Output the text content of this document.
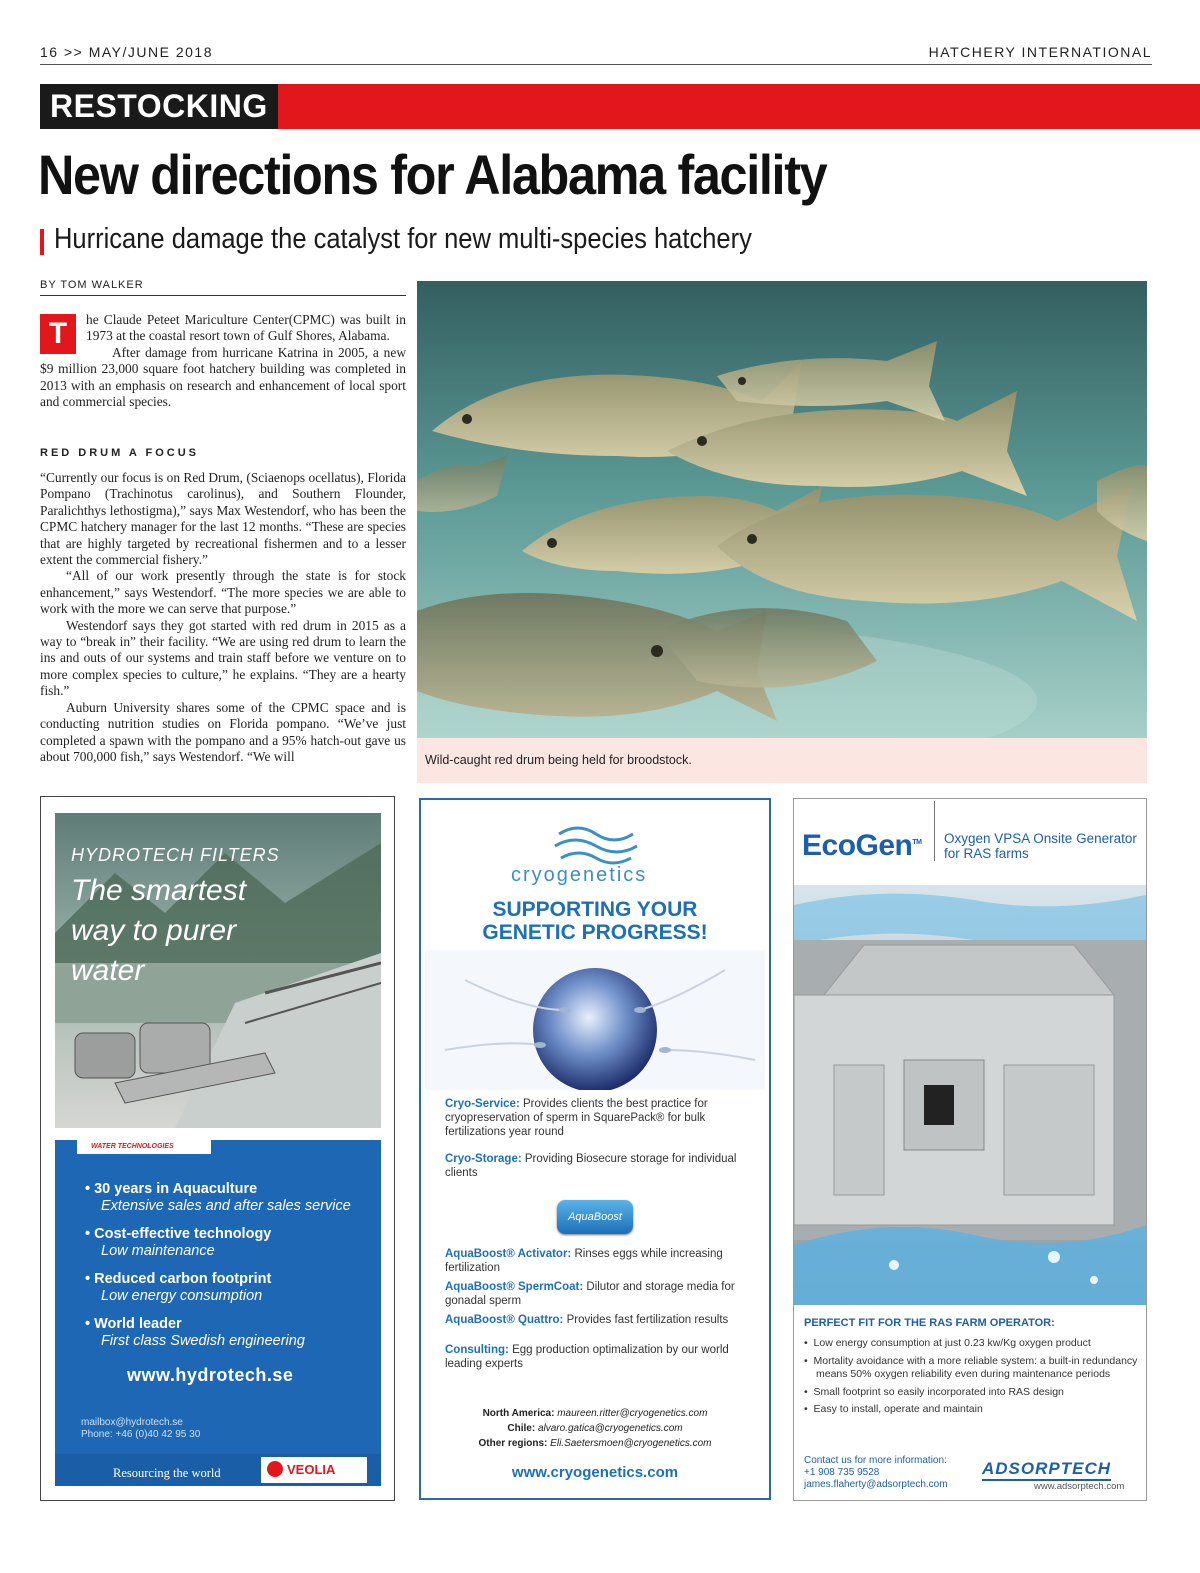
16 >> MAY/JUNE 2018	HATCHERY INTERNATIONAL
RESTOCKING
New directions for Alabama facility
Hurricane damage the catalyst for new multi-species hatchery
BY TOM WALKER

T	he Claude Peteet Mariculture Center(CPMC) was built in 1973 at the coastal resort town of Gulf Shores, Alabama.

After damage from hurricane Katrina in 2005, a new $9 million 23,000 square foot hatchery building was completed in 2013 with an emphasis on research and enhancement of local sport and commercial species.

RED DRUM A FOCUS

“Currently our focus is on Red Drum, (Sciaenops ocellatus), Florida Pompano (Trachinotus carolinus), and Southern Flounder, Paralichthys lethostigma),” says Max Westendorf, who has been the CPMC hatchery manager for the last 12 months. “These are species that are highly targeted by recreational fishermen and to a lesser extent the commercial fishery.”

“All of our work presently through the state is for stock enhancement,” says Westendorf. “The more species we are able to work with the more we can serve that purpose.”

Westendorf says they got started with red drum in 2015 as a way to “break in” their facility. “We are using red drum to learn the ins and outs of our systems and train staff before we venture on to more complex species to culture,” he explains. “They are a hearty fish.”

Auburn University shares some of the CPMC space and is conducting nutrition studies on Florida pompano. “We’ve just completed a spawn with the pompano and a 95% hatch-out gave us about 700,000 fish,” says Westendorf. “We will	Wild-caught red drum being held for broodstock.
HYDROTECH FILTERS
The smartest
way to purer
water
WATER TECHNOLOGIES
• 30 years in Aquaculture
Extensive sales and after sales service
• Cost-effective technology
Low maintenance
• Reduced carbon footprint
Low energy consumption
• World leader
First class Swedish engineering
www.hydrotech.se
mailbox@hydrotech.se
Phone: +46 (0)40 42 95 30
Resourcing the world	VEOLIA
cryogenetics
SUPPORTING YOUR
GENETIC PROGRESS!
Cryo-Service: Provides clients the best practice for cryopreservation of sperm in SquarePack® for bulk fertilizations year round
Cryo-Storage: Providing Biosecure storage for individual clients
AquaBoost
AquaBoost® Activator: Rinses eggs while increasing fertilization
AquaBoost® SpermCoat: Dilutor and storage media for gonadal sperm
AquaBoost® Quattro: Provides fast fertilization results
Consulting: Egg production optimalization by our world leading experts
North America: maureen.ritter@cryogenetics.com
Chile: alvaro.gatica@cryogenetics.com
Other regions: Eli.Saetersmoen@cryogenetics.com
www.cryogenetics.com
EcoGen™ Oxygen VPSA Onsite Generator
for RAS farms
PERFECT FIT FOR THE RAS FARM OPERATOR:
•  Low energy consumption at just 0.23 kw/Kg oxygen product
•  Mortality avoidance with a more reliable system: a built-in redundancy means 50% oxygen reliability even during maintenance periods
•  Small footprint so easily incorporated into RAS design
•  Easy to install, operate and maintain
Contact us for more information:
+1 908 735 9528
james.flaherty@adsorptech.com
ADSORPTECH
www.adsorptech.com
